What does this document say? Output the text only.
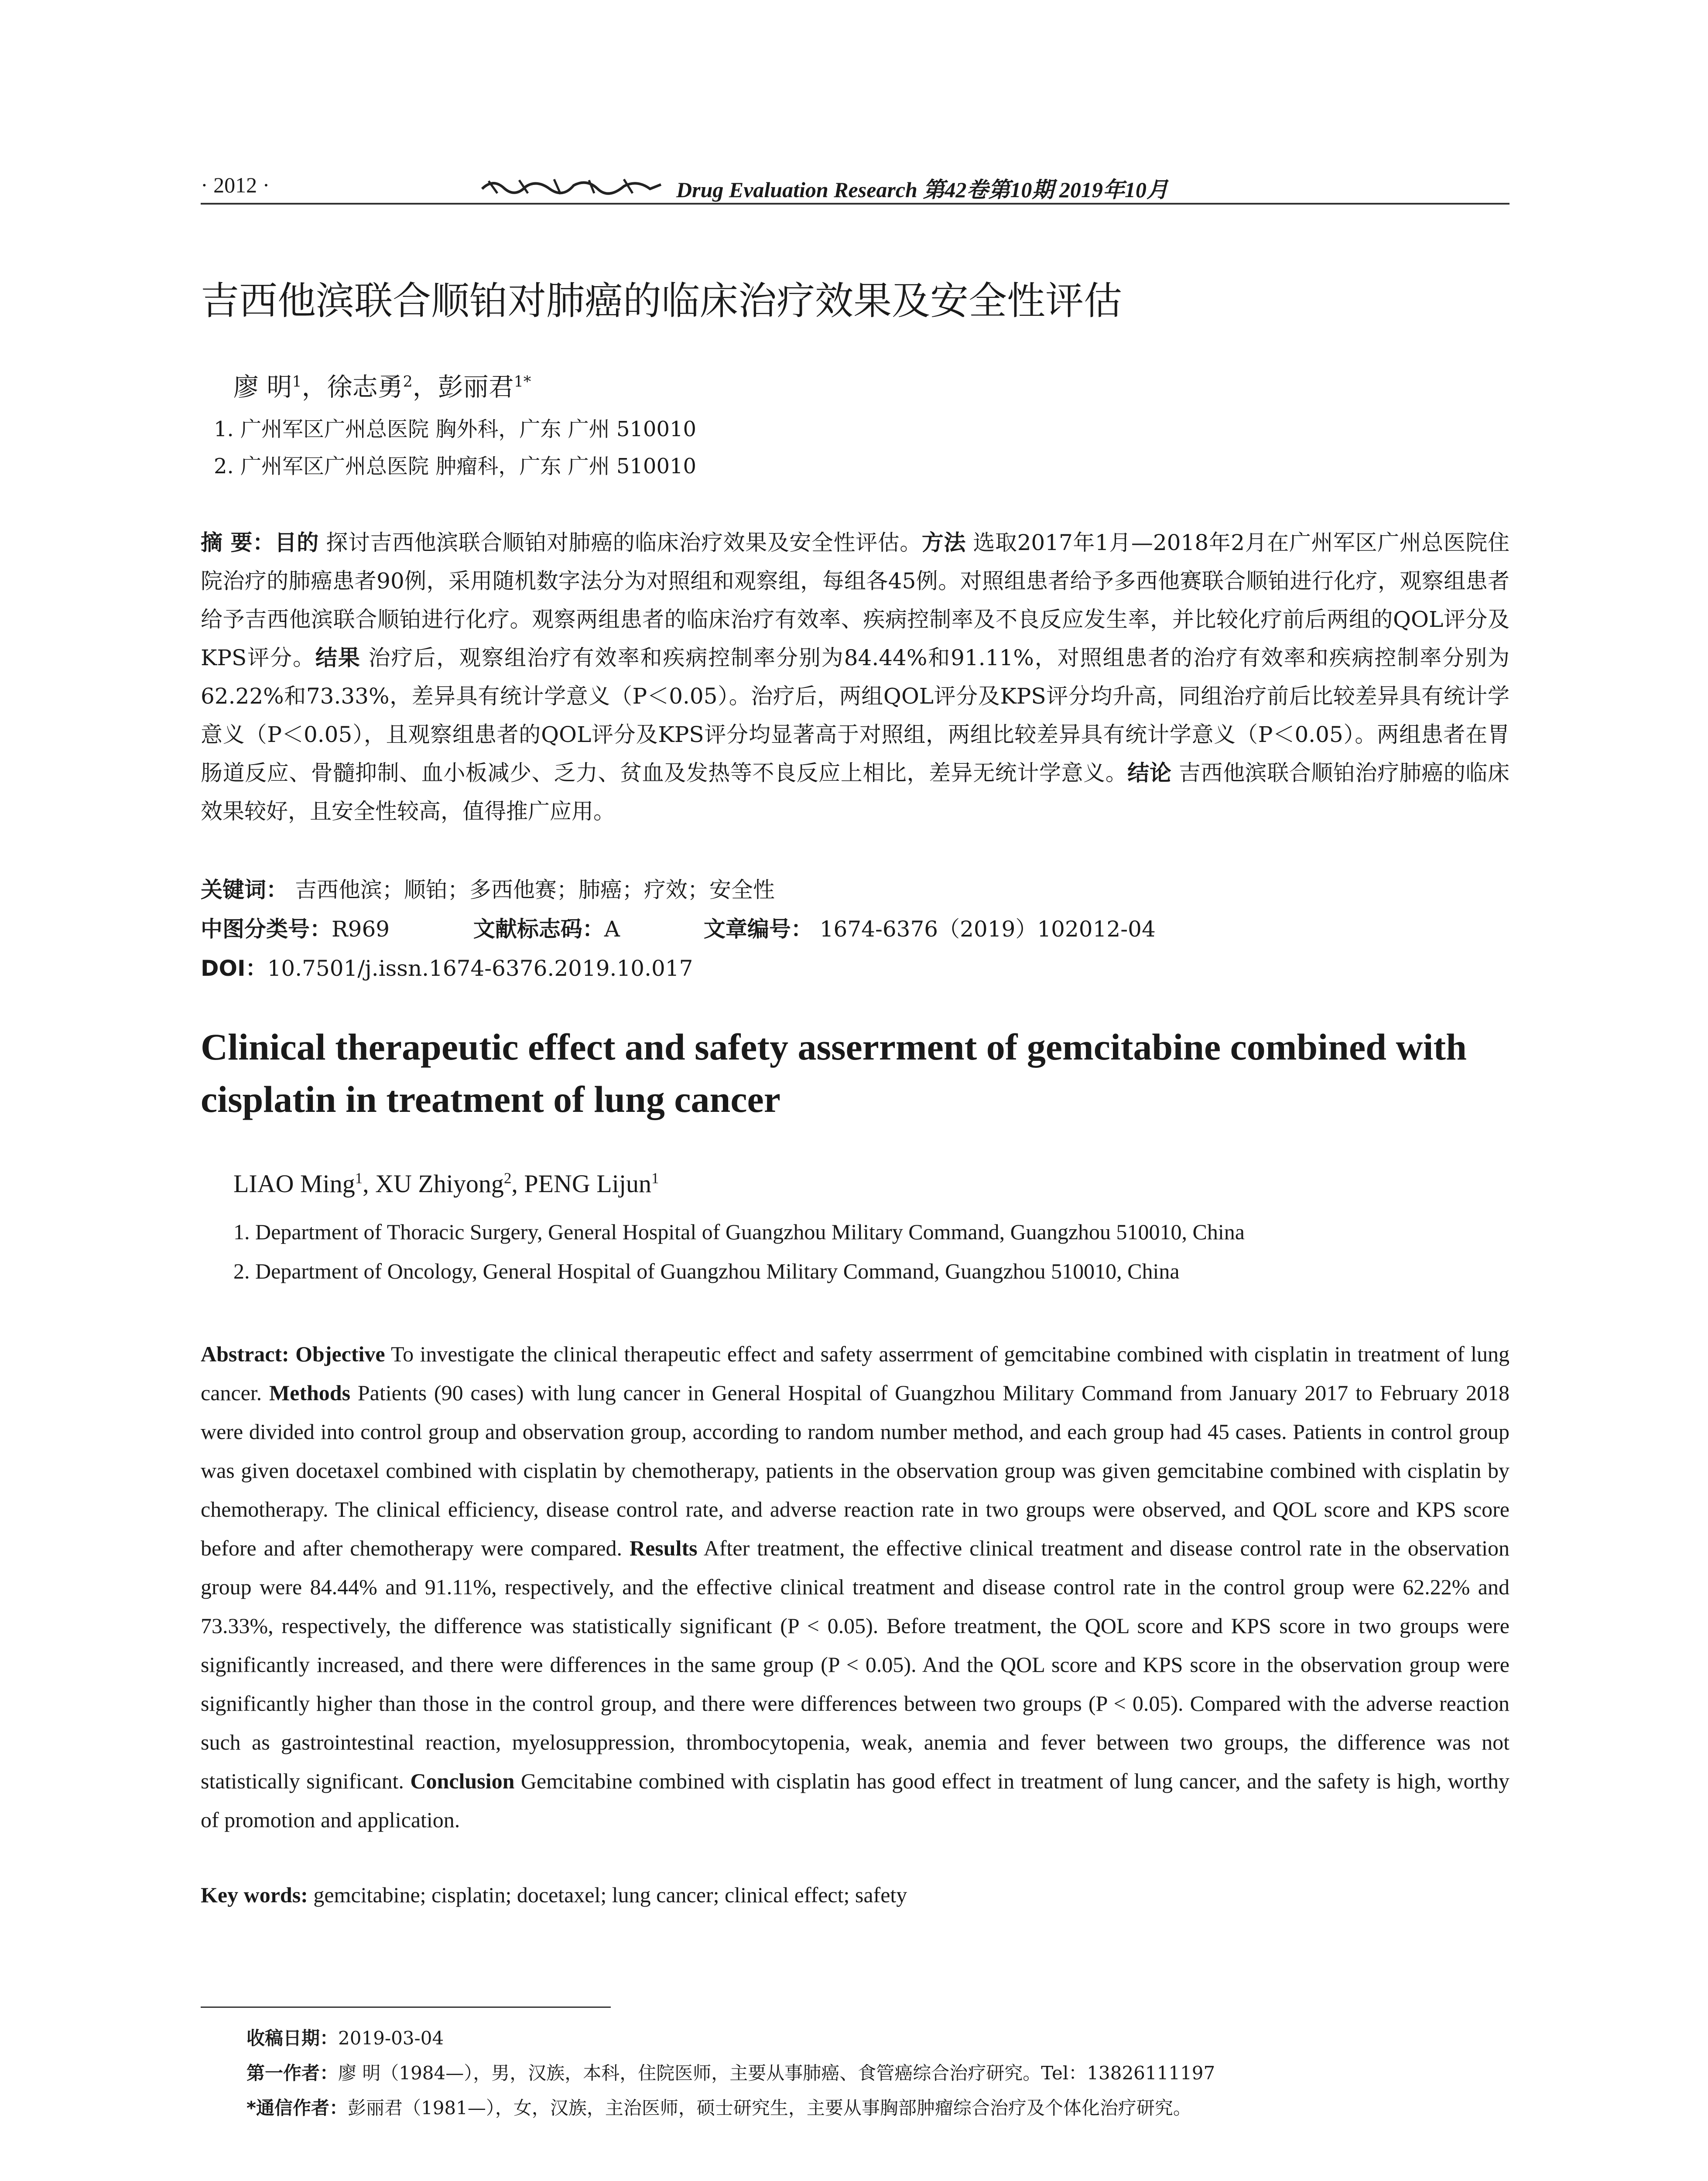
· 2012 ·	Drug Evaluation Research 第42卷第10期 2019年10月
吉西他滨联合顺铂对肺癌的临床治疗效果及安全性评估
廖 明$^1$，徐志勇$^2$，彭丽君$^{1*}$
1. 广州军区广州总医院 胸外科，广东 广州 510010
2. 广州军区广州总医院 肿瘤科，广东 广州 510010
摘 要：目的 探讨吉西他滨联合顺铂对肺癌的临床治疗效果及安全性评估。方法 选取2017年1月—2018年2月在广州军区广州总医院住院治疗的肺癌患者90例，采用随机数字法分为对照组和观察组，每组各45例。对照组患者给予多西他赛联合顺铂进行化疗，观察组患者给予吉西他滨联合顺铂进行化疗。观察两组患者的临床治疗有效率、疾病控制率及不良反应发生率，并比较化疗前后两组的QOL评分及KPS评分。结果 治疗后，观察组治疗有效率和疾病控制率分别为84.44%和91.11%，对照组患者的治疗有效率和疾病控制率分别为62.22%和73.33%，差异具有统计学意义（P＜0.05）。治疗后，两组QOL评分及KPS评分均升高，同组治疗前后比较差异具有统计学意义（P＜0.05），且观察组患者的QOL评分及KPS评分均显著高于对照组，两组比较差异具有统计学意义（P＜0.05）。两组患者在胃肠道反应、骨髓抑制、血小板减少、乏力、贫血及发热等不良反应上相比，差异无统计学意义。结论 吉西他滨联合顺铂治疗肺癌的临床效果较好，且安全性较高，值得推广应用。
关键词： 吉西他滨；顺铂；多西他赛；肺癌；疗效；安全性
中图分类号：R969	文献标志码：A	文章编号： 1674-6376（2019）102012-04
DOI：10.7501/j.issn.1674-6376.2019.10.017
Clinical therapeutic effect and safety asserrment of gemcitabine combined with cisplatin in treatment of lung cancer
LIAO Ming$^1$, XU Zhiyong$^2$, PENG Lijun$^1$
1. Department of Thoracic Surgery, General Hospital of Guangzhou Military Command, Guangzhou 510010, China
2. Department of Oncology, General Hospital of Guangzhou Military Command, Guangzhou 510010, China
Abstract: Objective To investigate the clinical therapeutic effect and safety asserrment of gemcitabine combined with cisplatin in treatment of lung cancer. Methods Patients (90 cases) with lung cancer in General Hospital of Guangzhou Military Command from January 2017 to February 2018 were divided into control group and observation group, according to random number method, and each group had 45 cases. Patients in control group was given docetaxel combined with cisplatin by chemotherapy, patients in the observation group was given gemcitabine combined with cisplatin by chemotherapy. The clinical efficiency, disease control rate, and adverse reaction rate in two groups were observed, and QOL score and KPS score before and after chemotherapy were compared. Results After treatment, the effective clinical treatment and disease control rate in the observation group were 84.44% and 91.11%, respectively, and the effective clinical treatment and disease control rate in the control group were 62.22% and 73.33%, respectively, the difference was statistically significant (P < 0.05). Before treatment, the QOL score and KPS score in two groups were significantly increased, and there were differences in the same group (P < 0.05). And the QOL score and KPS score in the observation group were significantly higher than those in the control group, and there were differences between two groups (P < 0.05). Compared with the adverse reaction such as gastrointestinal reaction, myelosuppression, thrombocytopenia, weak, anemia and fever between two groups, the difference was not statistically significant. Conclusion Gemcitabine combined with cisplatin has good effect in treatment of lung cancer, and the safety is high, worthy of promotion and application.
Key words: gemcitabine; cisplatin; docetaxel; lung cancer; clinical effect; safety
收稿日期：2019-03-04
第一作者：廖 明（1984—），男，汉族，本科，住院医师，主要从事肺癌、食管癌综合治疗研究。Tel：13826111197
*通信作者：彭丽君（1981—），女，汉族，主治医师，硕士研究生，主要从事胸部肿瘤综合治疗及个体化治疗研究。
